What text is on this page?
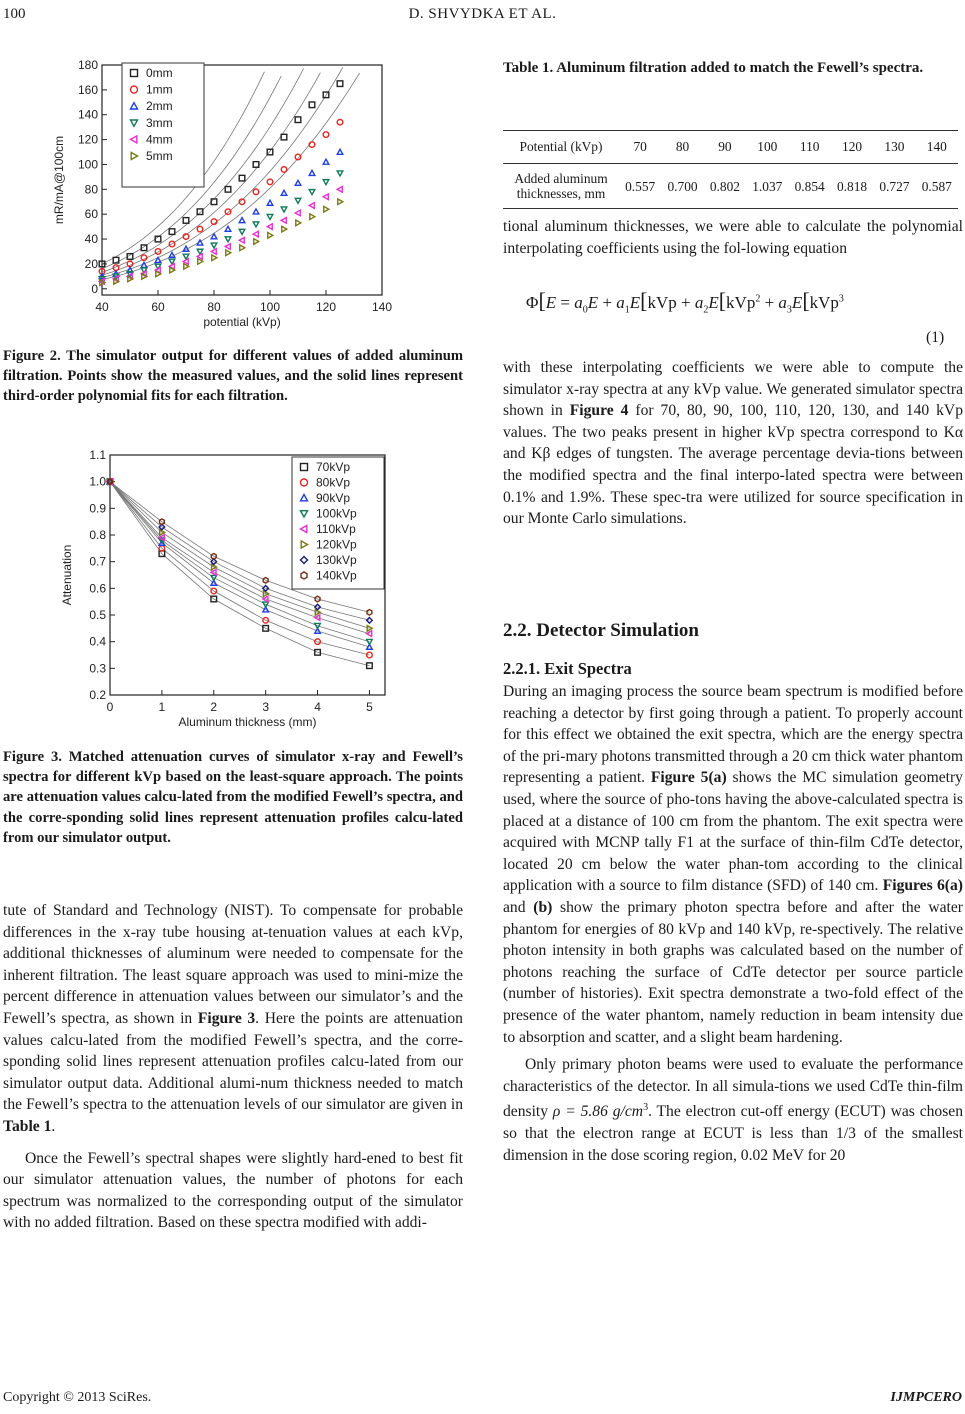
100	D. SHVYDKA ET AL.
40	60	80	100	120	140
0
20
40
60
80
100
120
140
160
180
potential (kVp)
mR/mA@100cm
0mm
1mm
2mm
3mm
4mm
5mm
Figure 2. The simulator output for different values of added aluminum filtration. Points show the measured values, and the solid lines represent third-order polynomial fits for each filtration.
0	1	2	3	4	5
0.2
0.3
0.4
0.5
0.6
0.7
0.8
0.9
1.0
1.1
Aluminum thickness (mm)
Attenuation
70kVp
80kVp
90kVp
100kVp
110kVp
120kVp
130kVp
140kVp
Figure 3. Matched attenuation curves of simulator x-ray and Fewell’s spectra for different kVp based on the least-square approach. The points are attenuation values calcu-lated from the modified Fewell’s spectra, and the corre-sponding solid lines represent attenuation profiles calcu-lated from our simulator output.

tute of Standard and Technology (NIST). To compensate for probable differences in the x-ray tube housing at-tenuation values at each kVp, additional thicknesses of aluminum were needed to compensate for the inherent filtration. The least square approach was used to mini-mize the percent difference in attenuation values between our simulator’s and the Fewell’s spectra, as shown in Figure 3. Here the points are attenuation values calcu-lated from the modified Fewell’s spectra, and the corre-sponding solid lines represent attenuation profiles calcu-lated from our simulator output data. Additional alumi-num thickness needed to match the Fewell’s spectra to the attenuation levels of our simulator are given in Table 1.

Once the Fewell’s spectral shapes were slightly hard-ened to best fit our simulator attenuation values, the number of photons for each spectrum was normalized to the corresponding output of the simulator with no added filtration. Based on these spectra modified with addi-

Table 1. Aluminum filtration added to match the Fewell’s spectra.
Potential (kVp)	70	80	90	100	110	120	130	140
Added aluminum thicknesses, mm	0.557	0.700	0.802	1.037	0.854	0.818	0.727	0.587
tional aluminum thicknesses, we were able to calculate the polynomial interpolating coefficients using the fol-lowing equation
$\Phi[E = a_0E + a_1E[kVp + a_2E[kVp^2 + a_3E[kVp^3$
(1)
with these interpolating coefficients we were able to compute the simulator x-ray spectra at any kVp value. We generated simulator spectra shown in Figure 4 for 70, 80, 90, 100, 110, 120, 130, and 140 kVp values. The two peaks present in higher kVp spectra correspond to Kα and Kβ edges of tungsten. The average percentage devia-tions between the modified spectra and the final interpo-lated spectra were between 0.1% and 1.9%. These spec-tra were utilized for source specification in our Monte Carlo simulations.
2.2. Detector Simulation
2.2.1. Exit Spectra

During an imaging process the source beam spectrum is modified before reaching a detector by first going through a patient. To properly account for this effect we obtained the exit spectra, which are the energy spectra of the pri-mary photons transmitted through a 20 cm thick water phantom representing a patient. Figure 5(a) shows the MC simulation geometry used, where the source of pho-tons having the above-calculated spectra is placed at a distance of 100 cm from the phantom. The exit spectra were acquired with MCNP tally F1 at the surface of thin-film CdTe detector, located 20 cm below the water phan-tom according to the clinical application with a source to film distance (SFD) of 140 cm. Figures 6(a) and (b) show the primary photon spectra before and after the water phantom for energies of 80 kVp and 140 kVp, re-spectively. The relative photon intensity in both graphs was calculated based on the number of photons reaching the surface of CdTe detector per source particle (number of histories). Exit spectra demonstrate a two-fold effect of the presence of the water phantom, namely reduction in beam intensity due to absorption and scatter, and a slight beam hardening.

Only primary photon beams were used to evaluate the performance characteristics of the detector. In all simula-tions we used CdTe thin-film density ρ = 5.86 $g/cm^3$. The electron cut-off energy (ECUT) was chosen so that the electron range at ECUT is less than 1/3 of the smallest dimension in the dose scoring region, 0.02 MeV for 20

Copyright © 2013 SciRes.	IJMPCERO
